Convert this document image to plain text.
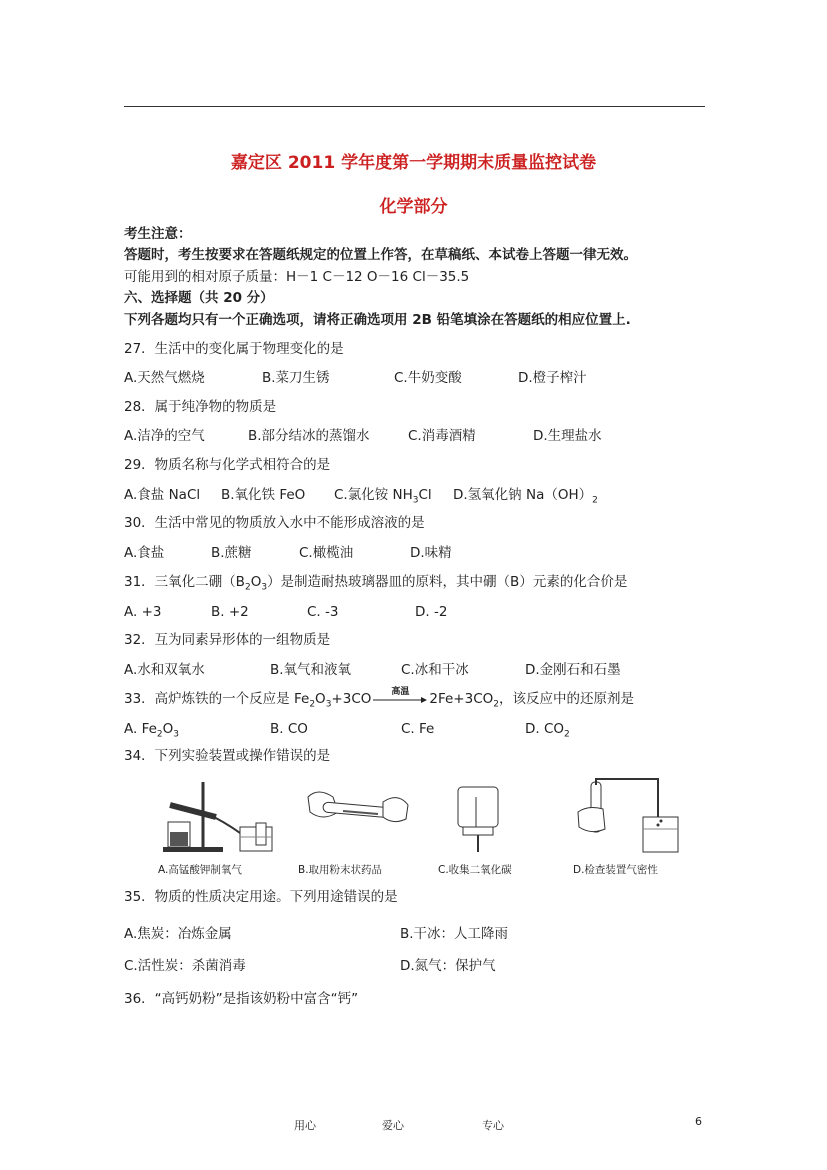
嘉定区 2011 学年度第一学期期末质量监控试卷
化学部分
考生注意：
答题时，考生按要求在答题纸规定的位置上作答，在草稿纸、本试卷上答题一律无效。
可能用到的相对原子质量：H－1 C－12 O－16 Cl－35.5
六、选择题（共 20 分）
下列各题均只有一个正确选项，请将正确选项用 2B 铅笔填涂在答题纸的相应位置上.
27．生活中的变化属于物理变化的是
A.天然气燃烧	B.菜刀生锈	C.牛奶变酸	D.橙子榨汁
28．属于纯净物的物质是
A.洁净的空气	B.部分结冰的蒸馏水	C.消毒酒精	D.生理盐水
29．物质名称与化学式相符合的是
A.食盐 NaCl B.氧化铁 FeO C.氯化铵 $NH_3Cl$ D.氢氧化钠 $Na(OH)_2$
30．生活中常见的物质放入水中不能形成溶液的是
A.食盐	B.蔗糖	C.橄榄油	D.味精
31．三氧化二硼$(B_2O_3)$是制造耐热玻璃器皿的原料，其中硼（B）元素的化合价是
A. +3	B. +2	C. -3	D. -2
32．互为同素异形体的一组物质是
A.水和双氧水	B.氧气和液氧	C.冰和干冰	D.金刚石和石墨
33．高炉炼铁的一个反应是 $Fe_2O_3+3CO$	高温	$2Fe+3CO_2$，该反应中的还原剂是
A. $Fe_2O_3$	B. CO	C. Fe	D. $CO_2$
34．下列实验装置或操作错误的是
A.高锰酸钾制氧气	B.取用粉末状药品	C.收集二氧化碳	D.检查装置气密性
35．物质的性质决定用途。下列用途错误的是
A.焦炭：冶炼金属	B.干冰：人工降雨
C.活性炭：杀菌消毒	D.氮气：保护气
36．“高钙奶粉”是指该奶粉中富含“钙”
用心	爱心	专心	6
